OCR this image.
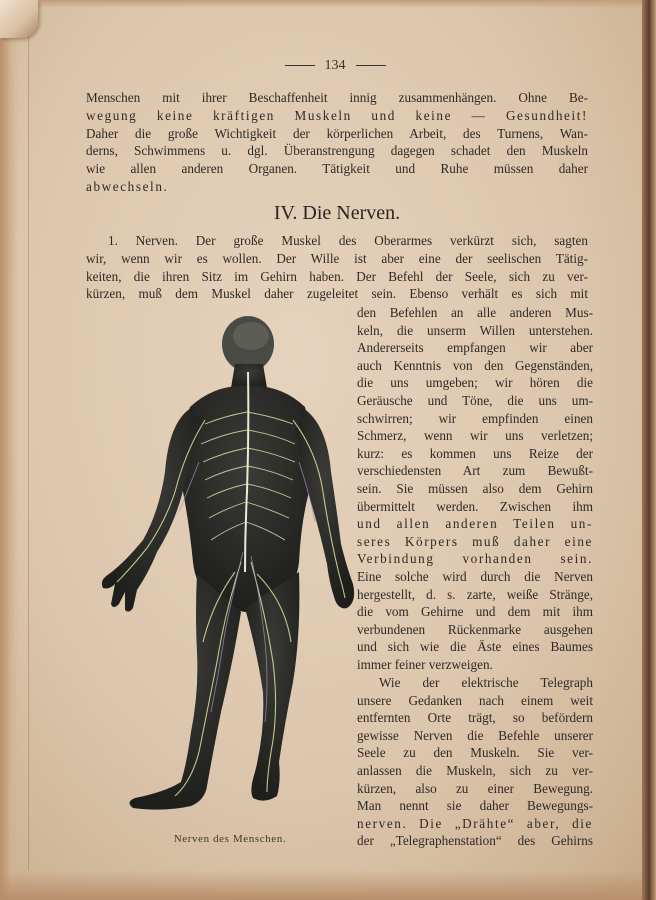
134
Menschen mit ihrer Beschaffenheit innig zusammenhängen. Ohne Be-
wegung keine kräftigen Muskeln und keine — Gesundheit!
Daher die große Wichtigkeit der körperlichen Arbeit, des Turnens, Wan-
derns, Schwimmens u. dgl. Überanstrengung dagegen schadet den Muskeln
wie allen anderen Organen. Tätigkeit und Ruhe müssen daher
abwechseln.
IV. Die Nerven.
1. Nerven. Der große Muskel des Oberarmes verkürzt sich, sagten
wir, wenn wir es wollen. Der Wille ist aber eine der seelischen Tätig-
keiten, die ihren Sitz im Gehirn haben. Der Befehl der Seele, sich zu ver-
kürzen, muß dem Muskel daher zugeleitet sein. Ebenso verhält es sich mit
den Befehlen an alle anderen Mus-
keln, die unserm Willen unterstehen.
Andererseits empfangen wir aber
auch Kenntnis von den Gegenständen,
die uns umgeben; wir hören die
Geräusche und Töne, die uns um-
schwirren; wir empfinden einen
Schmerz, wenn wir uns verletzen;
kurz: es kommen uns Reize der
verschiedensten Art zum Bewußt-
sein. Sie müssen also dem Gehirn
übermittelt werden. Zwischen ihm
und allen anderen Teilen un-
seres Körpers muß daher eine
Verbindung vorhanden sein.
Eine solche wird durch die Nerven
hergestellt, d. s. zarte, weiße Stränge,
die vom Gehirne und dem mit ihm
verbundenen Rückenmarke ausgehen
und sich wie die Äste eines Baumes
immer feiner verzweigen.
Wie der elektrische Telegraph
unsere Gedanken nach einem weit
entfernten Orte trägt, so befördern
gewisse Nerven die Befehle unserer
Seele zu den Muskeln. Sie ver-
anlassen die Muskeln, sich zu ver-
kürzen, also zu einer Bewegung.
Man nennt sie daher Bewegungs-
nerven. Die „Drähte“ aber, die
der „Telegraphenstation“ des Gehirns
Nerven des Menschen.
